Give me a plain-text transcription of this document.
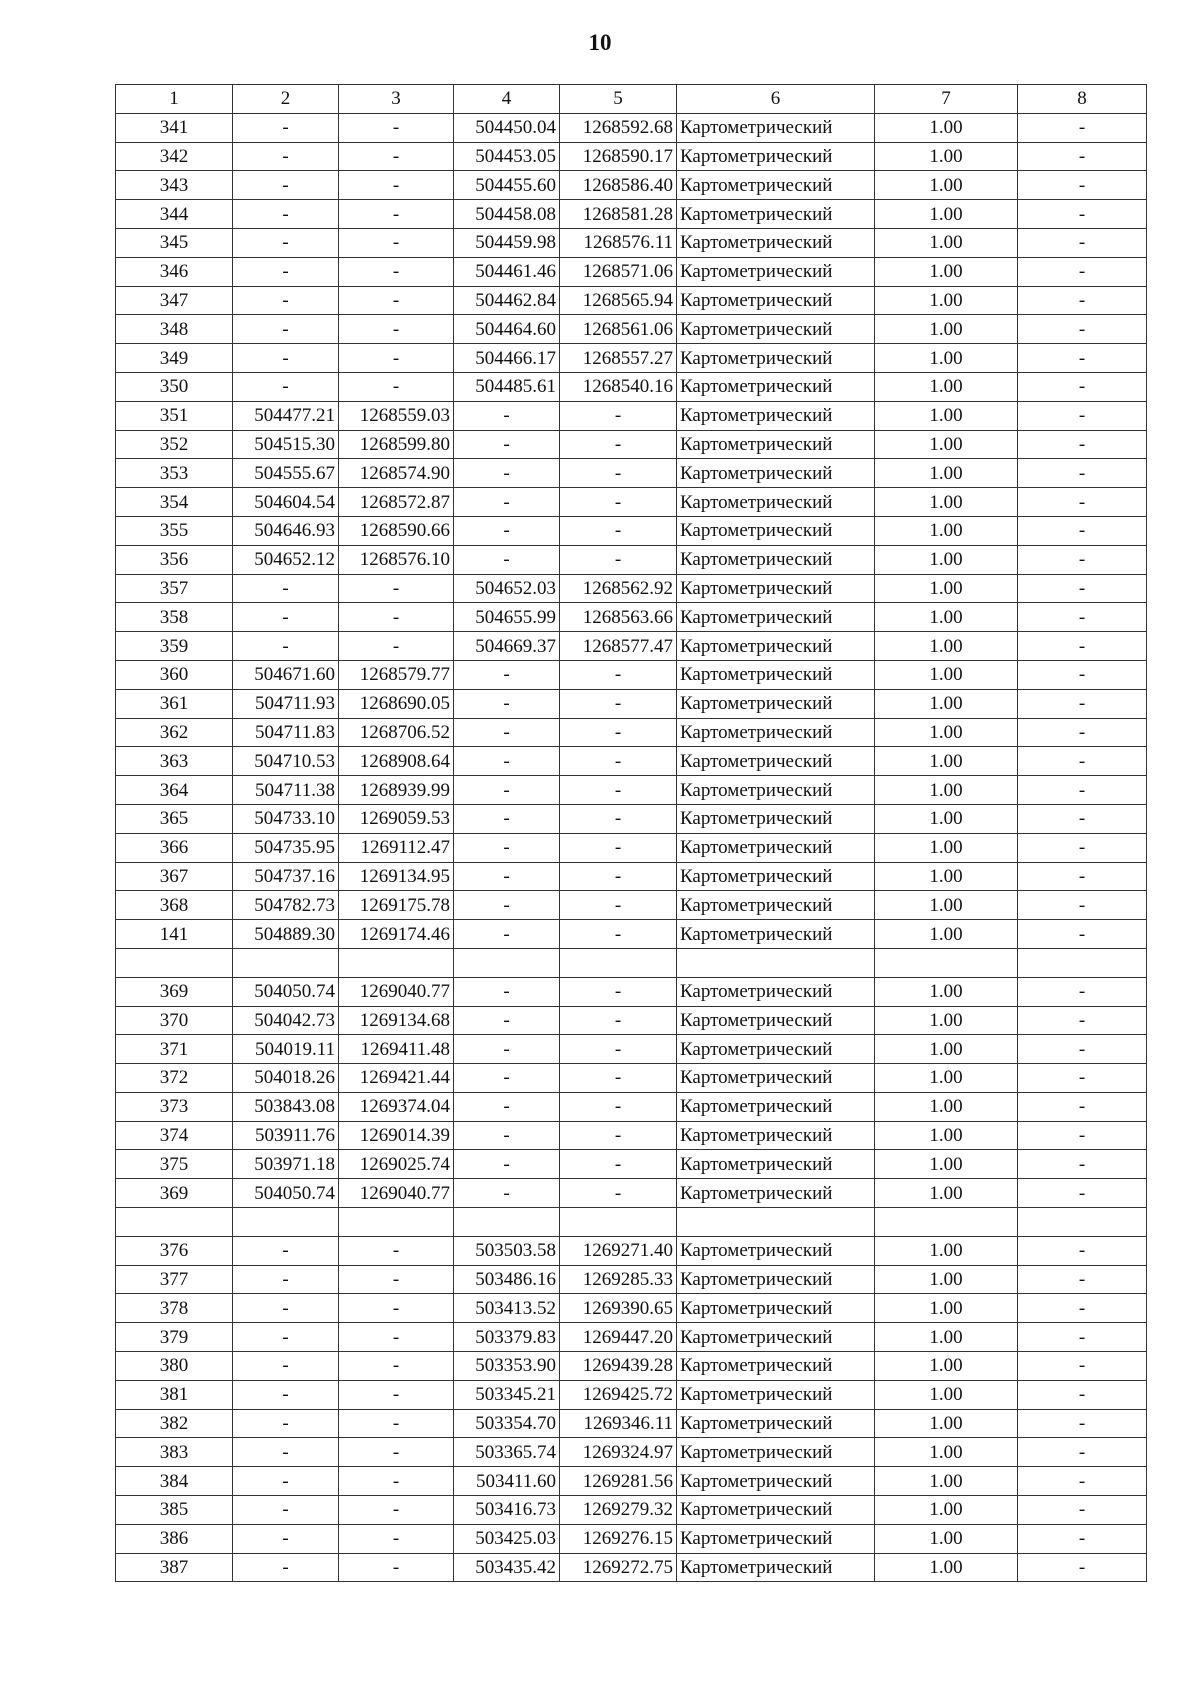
10
1	2	3	4	5	6	7	8
341	-	-	504450.04	1268592.68	Картометрический	1.00	-
342	-	-	504453.05	1268590.17	Картометрический	1.00	-
343	-	-	504455.60	1268586.40	Картометрический	1.00	-
344	-	-	504458.08	1268581.28	Картометрический	1.00	-
345	-	-	504459.98	1268576.11	Картометрический	1.00	-
346	-	-	504461.46	1268571.06	Картометрический	1.00	-
347	-	-	504462.84	1268565.94	Картометрический	1.00	-
348	-	-	504464.60	1268561.06	Картометрический	1.00	-
349	-	-	504466.17	1268557.27	Картометрический	1.00	-
350	-	-	504485.61	1268540.16	Картометрический	1.00	-
351	504477.21	1268559.03	-	-	Картометрический	1.00	-
352	504515.30	1268599.80	-	-	Картометрический	1.00	-
353	504555.67	1268574.90	-	-	Картометрический	1.00	-
354	504604.54	1268572.87	-	-	Картометрический	1.00	-
355	504646.93	1268590.66	-	-	Картометрический	1.00	-
356	504652.12	1268576.10	-	-	Картометрический	1.00	-
357	-	-	504652.03	1268562.92	Картометрический	1.00	-
358	-	-	504655.99	1268563.66	Картометрический	1.00	-
359	-	-	504669.37	1268577.47	Картометрический	1.00	-
360	504671.60	1268579.77	-	-	Картометрический	1.00	-
361	504711.93	1268690.05	-	-	Картометрический	1.00	-
362	504711.83	1268706.52	-	-	Картометрический	1.00	-
363	504710.53	1268908.64	-	-	Картометрический	1.00	-
364	504711.38	1268939.99	-	-	Картометрический	1.00	-
365	504733.10	1269059.53	-	-	Картометрический	1.00	-
366	504735.95	1269112.47	-	-	Картометрический	1.00	-
367	504737.16	1269134.95	-	-	Картометрический	1.00	-
368	504782.73	1269175.78	-	-	Картометрический	1.00	-
141	504889.30	1269174.46	-	-	Картометрический	1.00	-

369	504050.74	1269040.77	-	-	Картометрический	1.00	-
370	504042.73	1269134.68	-	-	Картометрический	1.00	-
371	504019.11	1269411.48	-	-	Картометрический	1.00	-
372	504018.26	1269421.44	-	-	Картометрический	1.00	-
373	503843.08	1269374.04	-	-	Картометрический	1.00	-
374	503911.76	1269014.39	-	-	Картометрический	1.00	-
375	503971.18	1269025.74	-	-	Картометрический	1.00	-
369	504050.74	1269040.77	-	-	Картометрический	1.00	-

376	-	-	503503.58	1269271.40	Картометрический	1.00	-
377	-	-	503486.16	1269285.33	Картометрический	1.00	-
378	-	-	503413.52	1269390.65	Картометрический	1.00	-
379	-	-	503379.83	1269447.20	Картометрический	1.00	-
380	-	-	503353.90	1269439.28	Картометрический	1.00	-
381	-	-	503345.21	1269425.72	Картометрический	1.00	-
382	-	-	503354.70	1269346.11	Картометрический	1.00	-
383	-	-	503365.74	1269324.97	Картометрический	1.00	-
384	-	-	503411.60	1269281.56	Картометрический	1.00	-
385	-	-	503416.73	1269279.32	Картометрический	1.00	-
386	-	-	503425.03	1269276.15	Картометрический	1.00	-
387	-	-	503435.42	1269272.75	Картометрический	1.00	-
